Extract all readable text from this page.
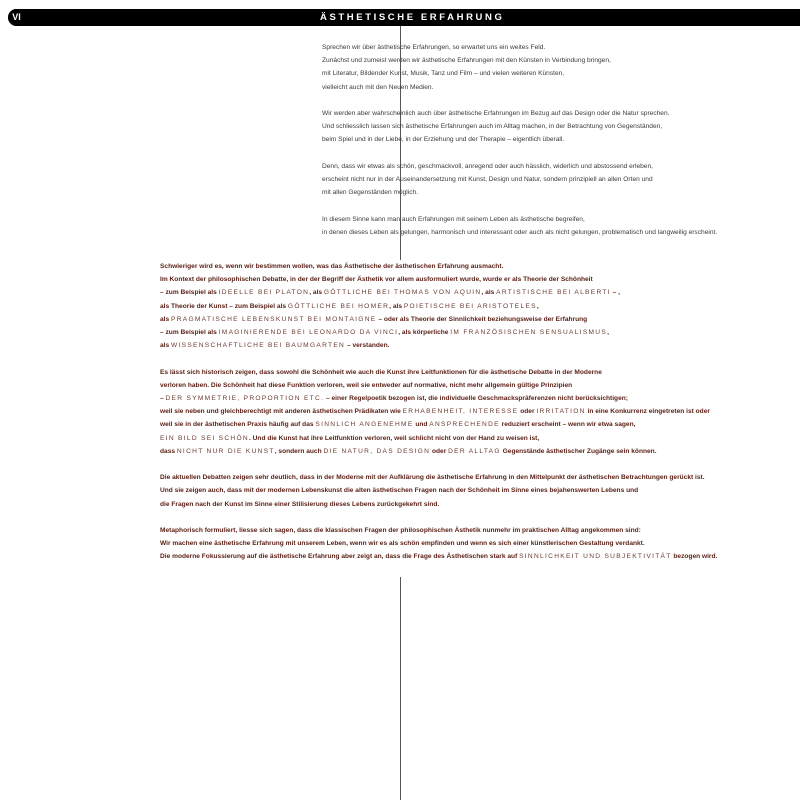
VI	ÄSTHETISCHE ERFAHRUNG

Sprechen wir über ästhetische Erfahrungen, so erwartet uns ein weites Feld.
Zunächst und zumeist werden wir ästhetische Erfahrungen mit den Künsten in Verbindung bringen,
mit Literatur, Bildender Kunst, Musik, Tanz und Film – und vielen weiteren Künsten,
vielleicht auch mit den Neuen Medien.

Wir werden aber wahrscheinlich auch über ästhetische Erfahrungen im Bezug auf das Design oder die Natur sprechen.
Und schliesslich lassen sich ästhetische Erfahrungen auch im Alltag machen, in der Betrachtung von Gegenständen,
beim Spiel und in der Liebe, in der Erziehung und der Therapie – eigentlich überall.

Denn, dass wir etwas als schön, geschmackvoll, anregend oder auch hässlich, widerlich und abstossend erleben,
erscheint nicht nur in der Auseinandersetzung mit Kunst, Design und Natur, sondern prinzipiell an allen Orten und
mit allen Gegenständen möglich.

In diesem Sinne kann man auch Erfahrungen mit seinem Leben als ästhetische begreifen,
in denen dieses Leben als gelungen, harmonisch und interessant oder auch als nicht gelungen, problematisch und langweilig erscheint.

Schwieriger wird es, wenn wir bestimmen wollen, was das Ästhetische der ästhetischen Erfahrung ausmacht.
Im Kontext der philosophischen Debatte, in der der Begriff der Ästhetik vor allem ausformuliert wurde, wurde er als Theorie der Schönheit
– zum Beispiel als IDEELLE BEI PLATON, als GÖTTLICHE BEI THOMAS VON AQUIN, als ARTISTISCHE BEI ALBERTI – ,
als Theorie der Kunst – zum Beispiel als GÖTTLICHE BEI HOMER, als POIETISCHE BEI ARISTOTELES,
als PRAGMATISCHE LEBENSKUNST BEI MONTAIGNE – oder als Theorie der Sinnlichkeit beziehungsweise der Erfahrung
– zum Beispiel als IMAGINIERENDE BEI LEONARDO DA VINCI, als körperliche IM FRANZÖSISCHEN SENSUALISMUS,
als WISSENSCHAFTLICHE BEI BAUMGARTEN – verstanden.

Es lässt sich historisch zeigen, dass sowohl die Schönheit wie auch die Kunst ihre Leitfunktionen für die ästhetische Debatte in der Moderne
verloren haben. Die Schönheit hat diese Funktion verloren, weil sie entweder auf normative, nicht mehr allgemein gültige Prinzipien
– DER SYMMETRIE, PROPORTION ETC. – einer Regelpoetik bezogen ist, die individuelle Geschmackspräferenzen nicht berücksichtigen;
weil sie neben und gleichberechtigt mit anderen ästhetischen Prädikaten wie ERHABENHEIT, INTERESSE oder IRRITATION in eine Konkurrenz eingetreten ist oder
weil sie in der ästhetischen Praxis häufig auf das SINNLICH ANGENEHME und ANSPRECHENDE reduziert erscheint – wenn wir etwa sagen,
EIN BILD SEI SCHÖN. Und die Kunst hat ihre Leitfunktion verloren, weil schlicht nicht von der Hand zu weisen ist,
dass NICHT NUR DIE KUNST, sondern auch DIE NATUR, DAS DESIGN oder DER ALLTAG Gegenstände ästhetischer Zugänge sein können.

Die aktuellen Debatten zeigen sehr deutlich, dass in der Moderne mit der Aufklärung die ästhetische Erfahrung in den Mittelpunkt der ästhetischen Betrachtungen gerückt ist.
Und sie zeigen auch, dass mit der modernen Lebenskunst die alten ästhetischen Fragen nach der Schönheit im Sinne eines bejahenswerten Lebens und
die Fragen nach der Kunst im Sinne einer Stilisierung dieses Lebens zurückgekehrt sind.

Metaphorisch formuliert, liesse sich sagen, dass die klassischen Fragen der philosophischen Ästhetik nunmehr im praktischen Alltag angekommen sind:
Wir machen eine ästhetische Erfahrung mit unserem Leben, wenn wir es als schön empfinden und wenn es sich einer künstlerischen Gestaltung verdankt.
Die moderne Fokussierung auf die ästhetische Erfahrung aber zeigt an, dass die Frage des Ästhetischen stark auf SINNLICHKEIT UND SUBJEKTIVITÄT bezogen wird.
